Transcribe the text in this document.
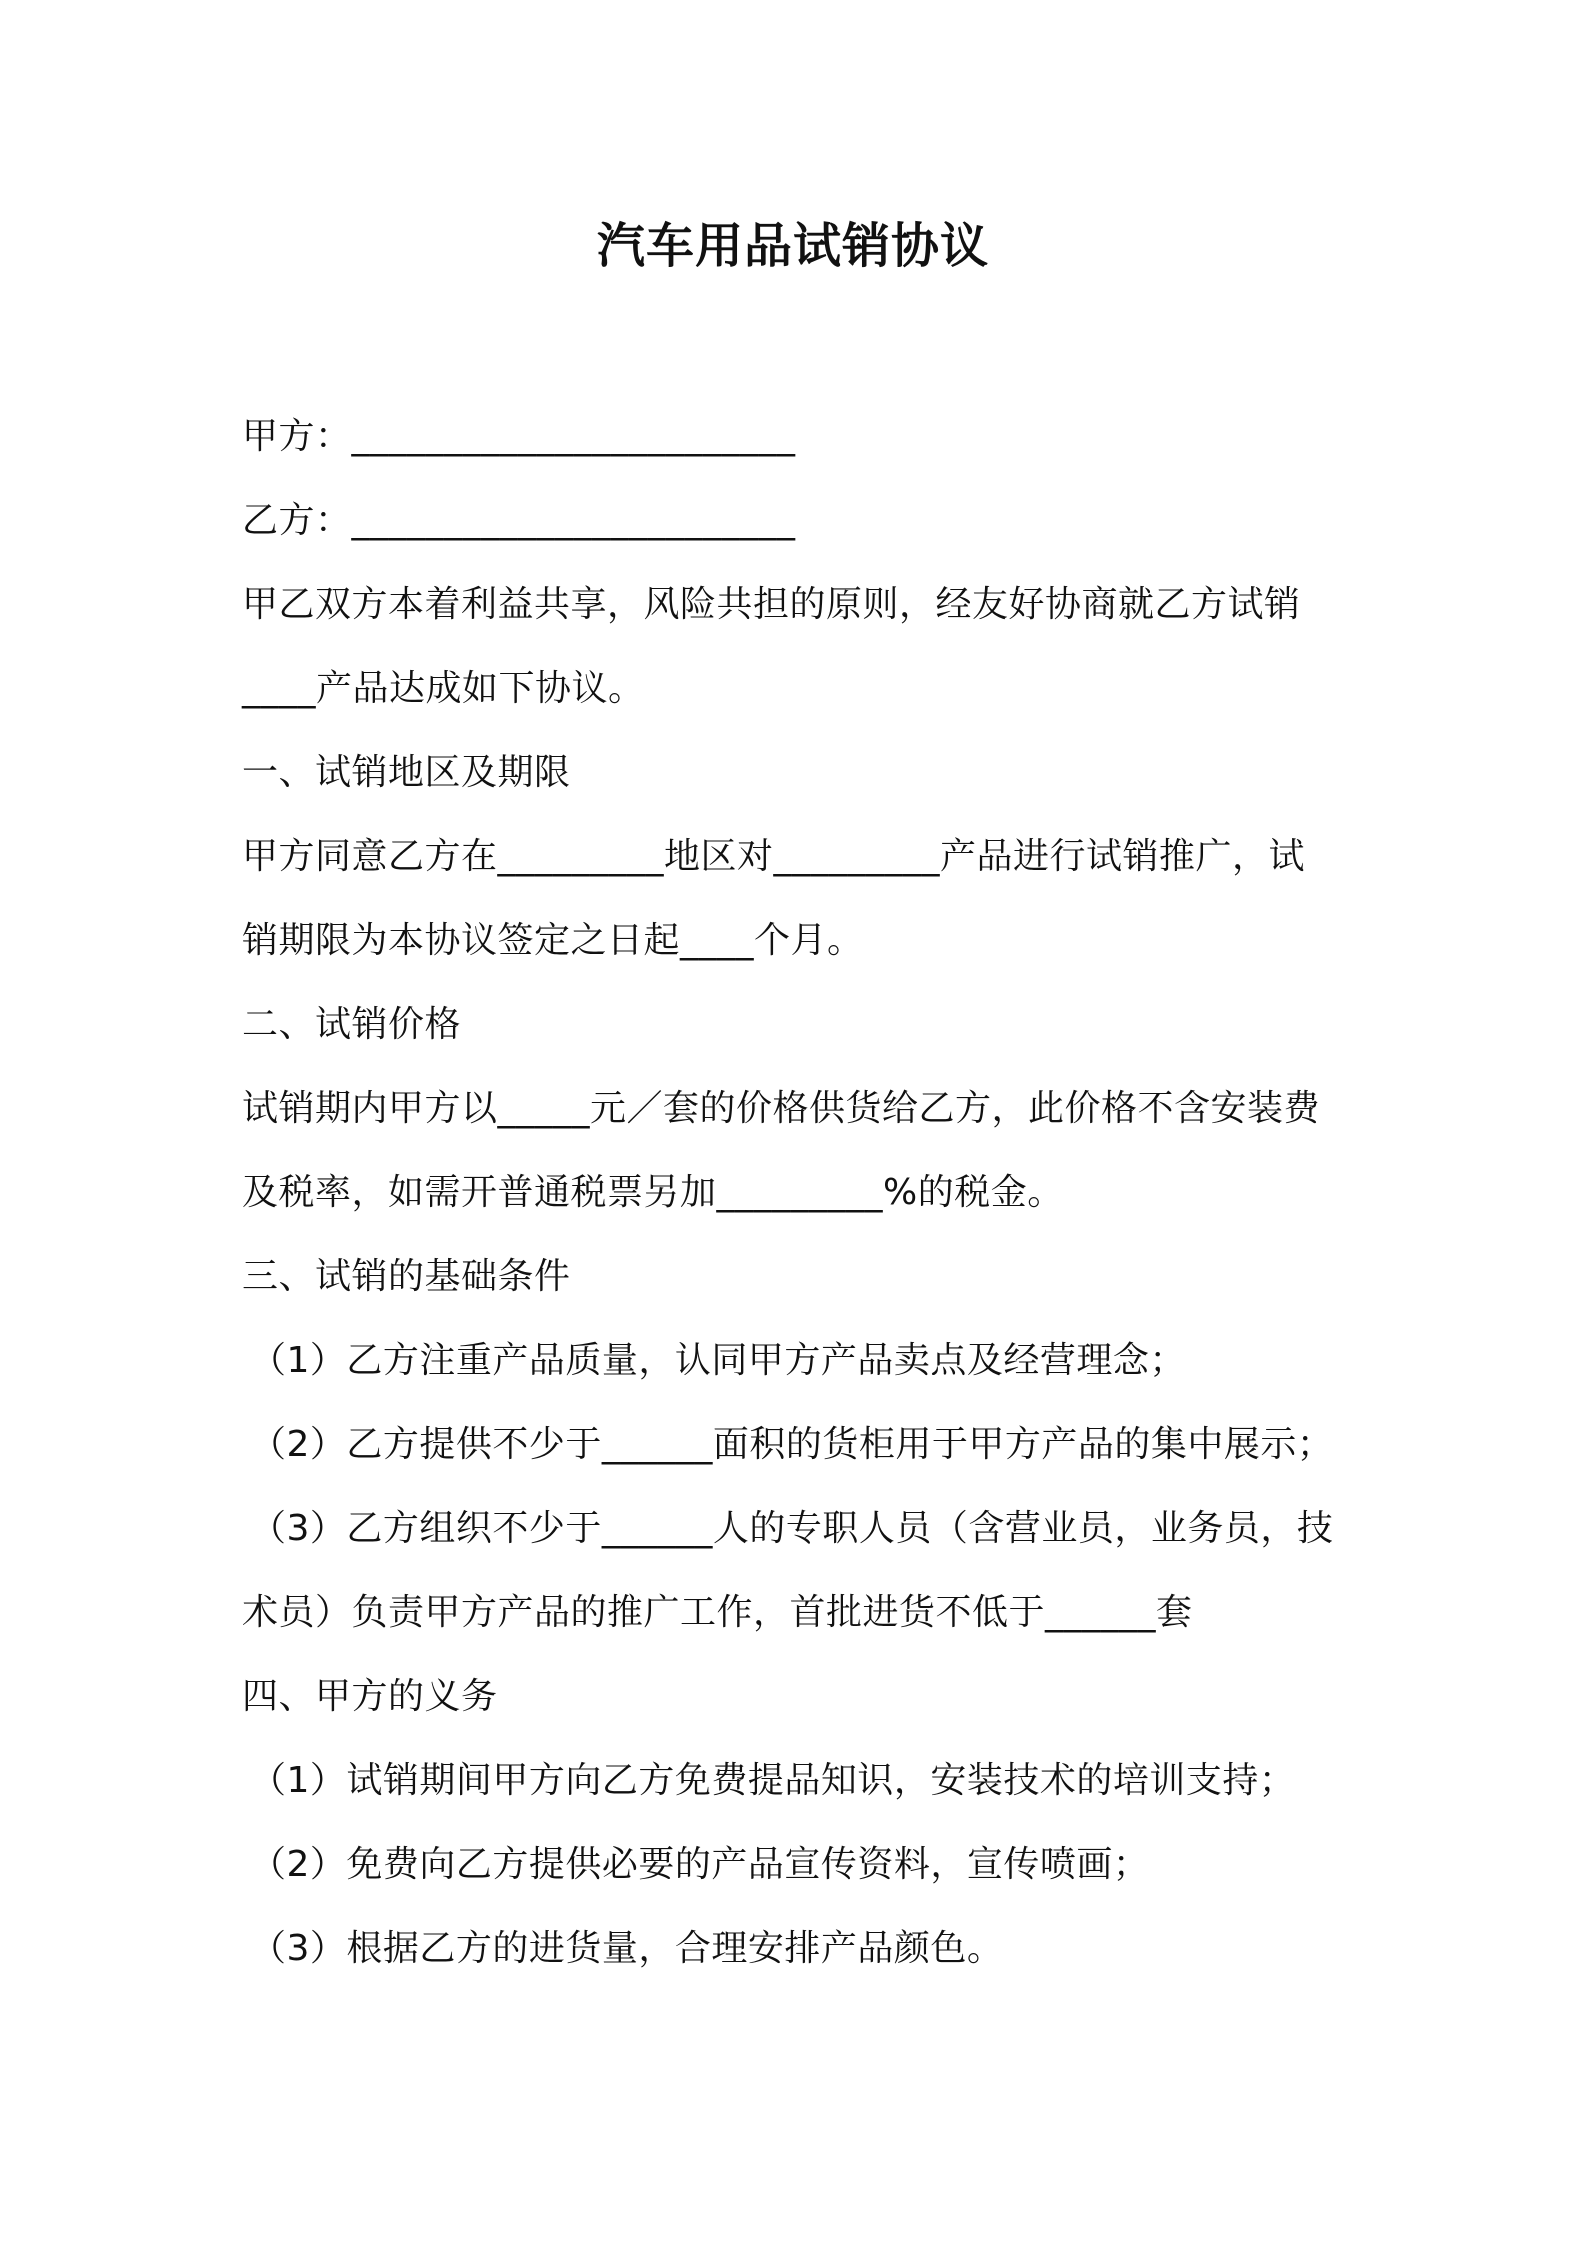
汽车用品试销协议
甲方：________________________
乙方：________________________
甲乙双方本着利益共享，风险共担的原则，经友好协商就乙方试销
____产品达成如下协议。
一、试销地区及期限
甲方同意乙方在_________地区对_________产品进行试销推广，试
销期限为本协议签定之日起____个月。
二、试销价格
试销期内甲方以_____元／套的价格供货给乙方，此价格不含安装费
及税率，如需开普通税票另加_________%的税金。
三、试销的基础条件
（1）乙方注重产品质量，认同甲方产品卖点及经营理念；
（2）乙方提供不少于______面积的货柜用于甲方产品的集中展示；
（3）乙方组织不少于______人的专职人员（含营业员，业务员，技
术员）负责甲方产品的推广工作，首批进货不低于______套
四、甲方的义务
（1）试销期间甲方向乙方免费提品知识，安装技术的培训支持；
（2）免费向乙方提供必要的产品宣传资料，宣传喷画；
（3）根据乙方的进货量，合理安排产品颜色。
